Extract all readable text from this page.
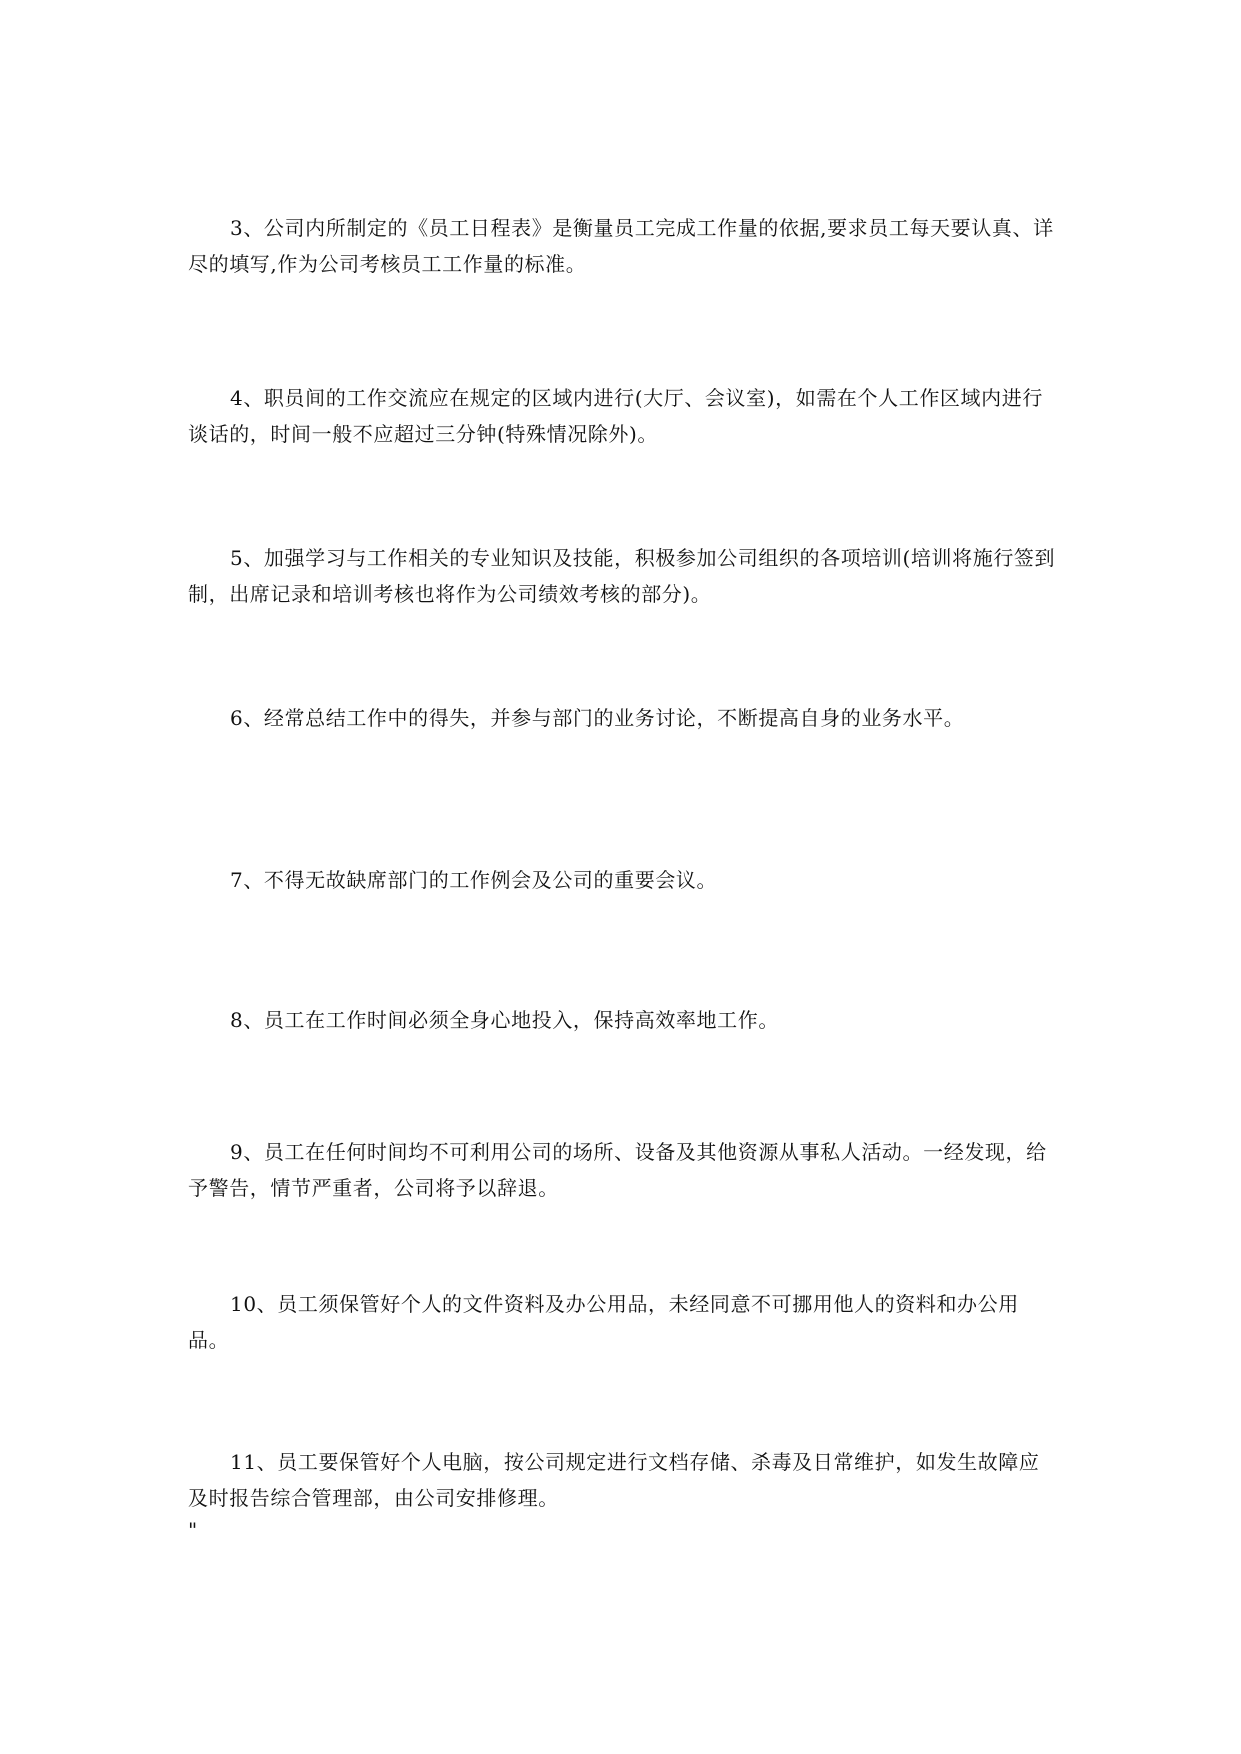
3、公司内所制定的《员工日程表》是衡量员工完成工作量的依据,要求员工每天要认真、详尽的填写,作为公司考核员工工作量的标准。

4、职员间的工作交流应在规定的区域内进行(大厅、会议室)，如需在个人工作区域内进行谈话的，时间一般不应超过三分钟(特殊情况除外)。

5、加强学习与工作相关的专业知识及技能，积极参加公司组织的各项培训(培训将施行签到制，出席记录和培训考核也将作为公司绩效考核的部分)。

6、经常总结工作中的得失，并参与部门的业务讨论，不断提高自身的业务水平。

7、不得无故缺席部门的工作例会及公司的重要会议。

8、员工在工作时间必须全身心地投入，保持高效率地工作。

9、员工在任何时间均不可利用公司的场所、设备及其他资源从事私人活动。一经发现，给予警告，情节严重者，公司将予以辞退。

10、员工须保管好个人的文件资料及办公用品，未经同意不可挪用他人的资料和办公用品。

11、员工要保管好个人电脑，按公司规定进行文档存储、杀毒及日常维护，如发生故障应及时报告综合管理部，由公司安排修理。

"
